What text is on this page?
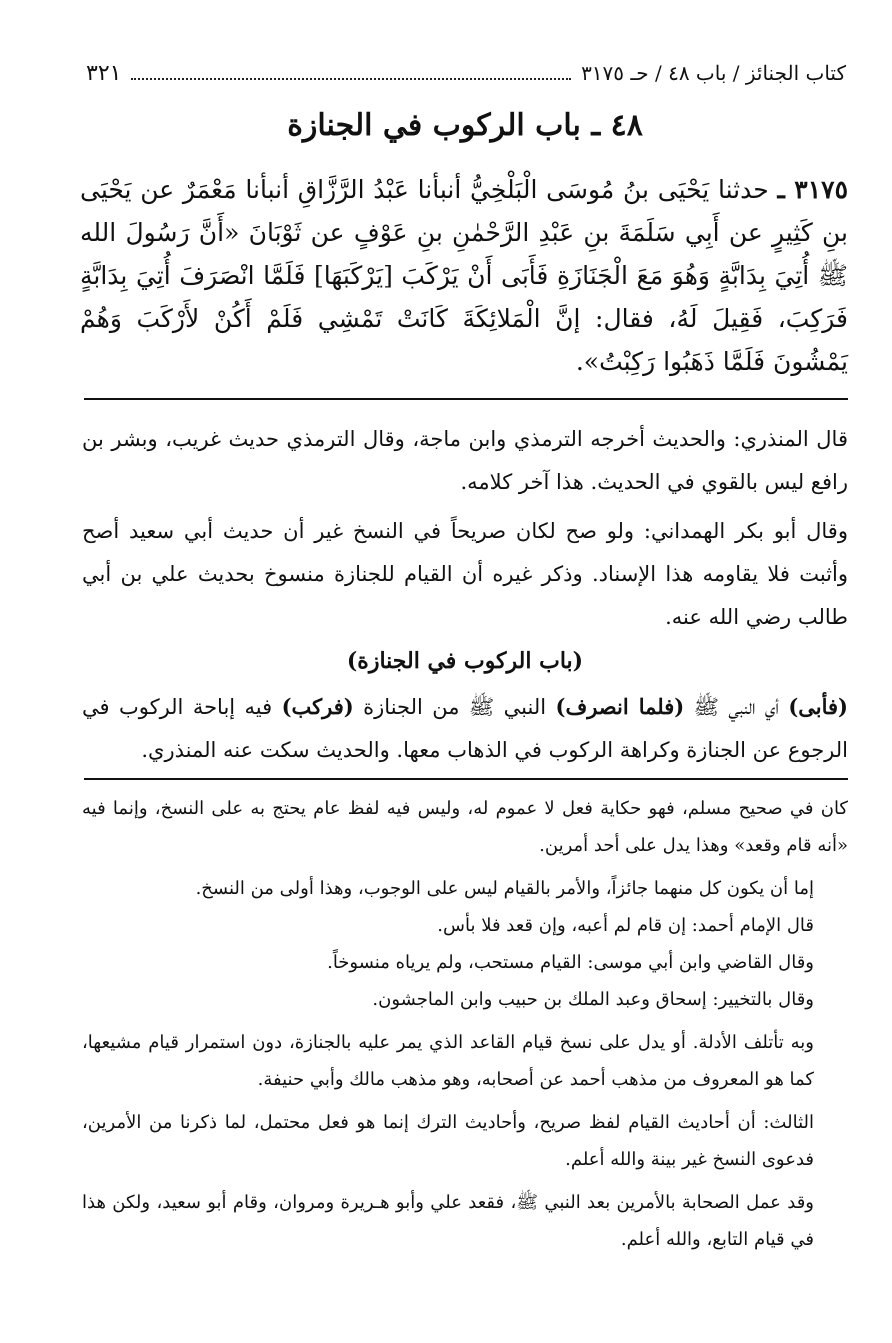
كتاب الجنائز / باب ٤٨ / حـ ٣١٧٥
٣٢١
٤٨ ـ باب الركوب في الجنازة
٣١٧٥ ـ حدثنا يَحْيَى بنُ مُوسَى الْبَلْخِيُّ أنبأنا عَبْدُ الرَّزَّاقِ أنبأنا مَعْمَرٌ عن يَحْيَى بنِ كَثِيرٍ عن أَبِي سَلَمَةَ بنِ عَبْدِ الرَّحْمٰنِ بنِ عَوْفٍ عن ثَوْبَانَ «أَنَّ رَسُولَ الله ﷺ أُتِيَ بِدَابَّةٍ وَهُوَ مَعَ الْجَنَازَةِ فَأَبَى أَنْ يَرْكَبَ [يَرْكَبَهَا] فَلَمَّا انْصَرَفَ أُتِيَ بِدَابَّةٍ فَرَكِبَ، فَقِيلَ لَهُ، فقال: إنَّ الْمَلائِكَةَ كَانَتْ تَمْشِي فَلَمْ أَكُنْ لأَرْكَبَ وَهُمْ يَمْشُونَ فَلَمَّا ذَهَبُوا رَكِبْتُ».

قال المنذري: والحديث أخرجه الترمذي وابن ماجة، وقال الترمذي حديث غريب، وبشر بن رافع ليس بالقوي في الحديث. هذا آخر كلامه.

وقال أبو بكر الهمداني: ولو صح لكان صريحاً في النسخ غير أن حديث أبي سعيد أصح وأثبت فلا يقاومه هذا الإسناد. وذكر غيره أن القيام للجنازة منسوخ بحديث علي بن أبي طالب رضي الله عنه.

(باب الركوب في الجنازة)

(فأبى) أي النبي ﷺ (فلما انصرف) النبي ﷺ من الجنازة (فركب) فيه إباحة الركوب في الرجوع عن الجنازة وكراهة الركوب في الذهاب معها. والحديث سكت عنه المنذري.

كان في صحيح مسلم، فهو حكاية فعل لا عموم له، وليس فيه لفظ عام يحتج به على النسخ، وإنما فيه «أنه قام وقعد» وهذا يدل على أحد أمرين.

إما أن يكون كل منهما جائزاً، والأمر بالقيام ليس على الوجوب، وهذا أولى من النسخ.

قال الإمام أحمد: إن قام لم أعبه، وإن قعد فلا بأس.

وقال القاضي وابن أبي موسى: القيام مستحب، ولم يرياه منسوخاً.

وقال بالتخيير: إسحاق وعبد الملك بن حبيب وابن الماجشون.

وبه تأتلف الأدلة. أو يدل على نسخ قيام القاعد الذي يمر عليه بالجنازة، دون استمرار قيام مشيعها، كما هو المعروف من مذهب أحمد عن أصحابه، وهو مذهب مالك وأبي حنيفة.

الثالث: أن أحاديث القيام لفظ صريح، وأحاديث الترك إنما هو فعل محتمل، لما ذكرنا من الأمرين، فدعوى النسخ غير بينة والله أعلم.

وقد عمل الصحابة بالأمرين بعد النبي ﷺ، فقعد علي وأبو هـريرة ومروان، وقام أبو سعيد، ولكن هذا في قيام التابع، والله أعلم.
